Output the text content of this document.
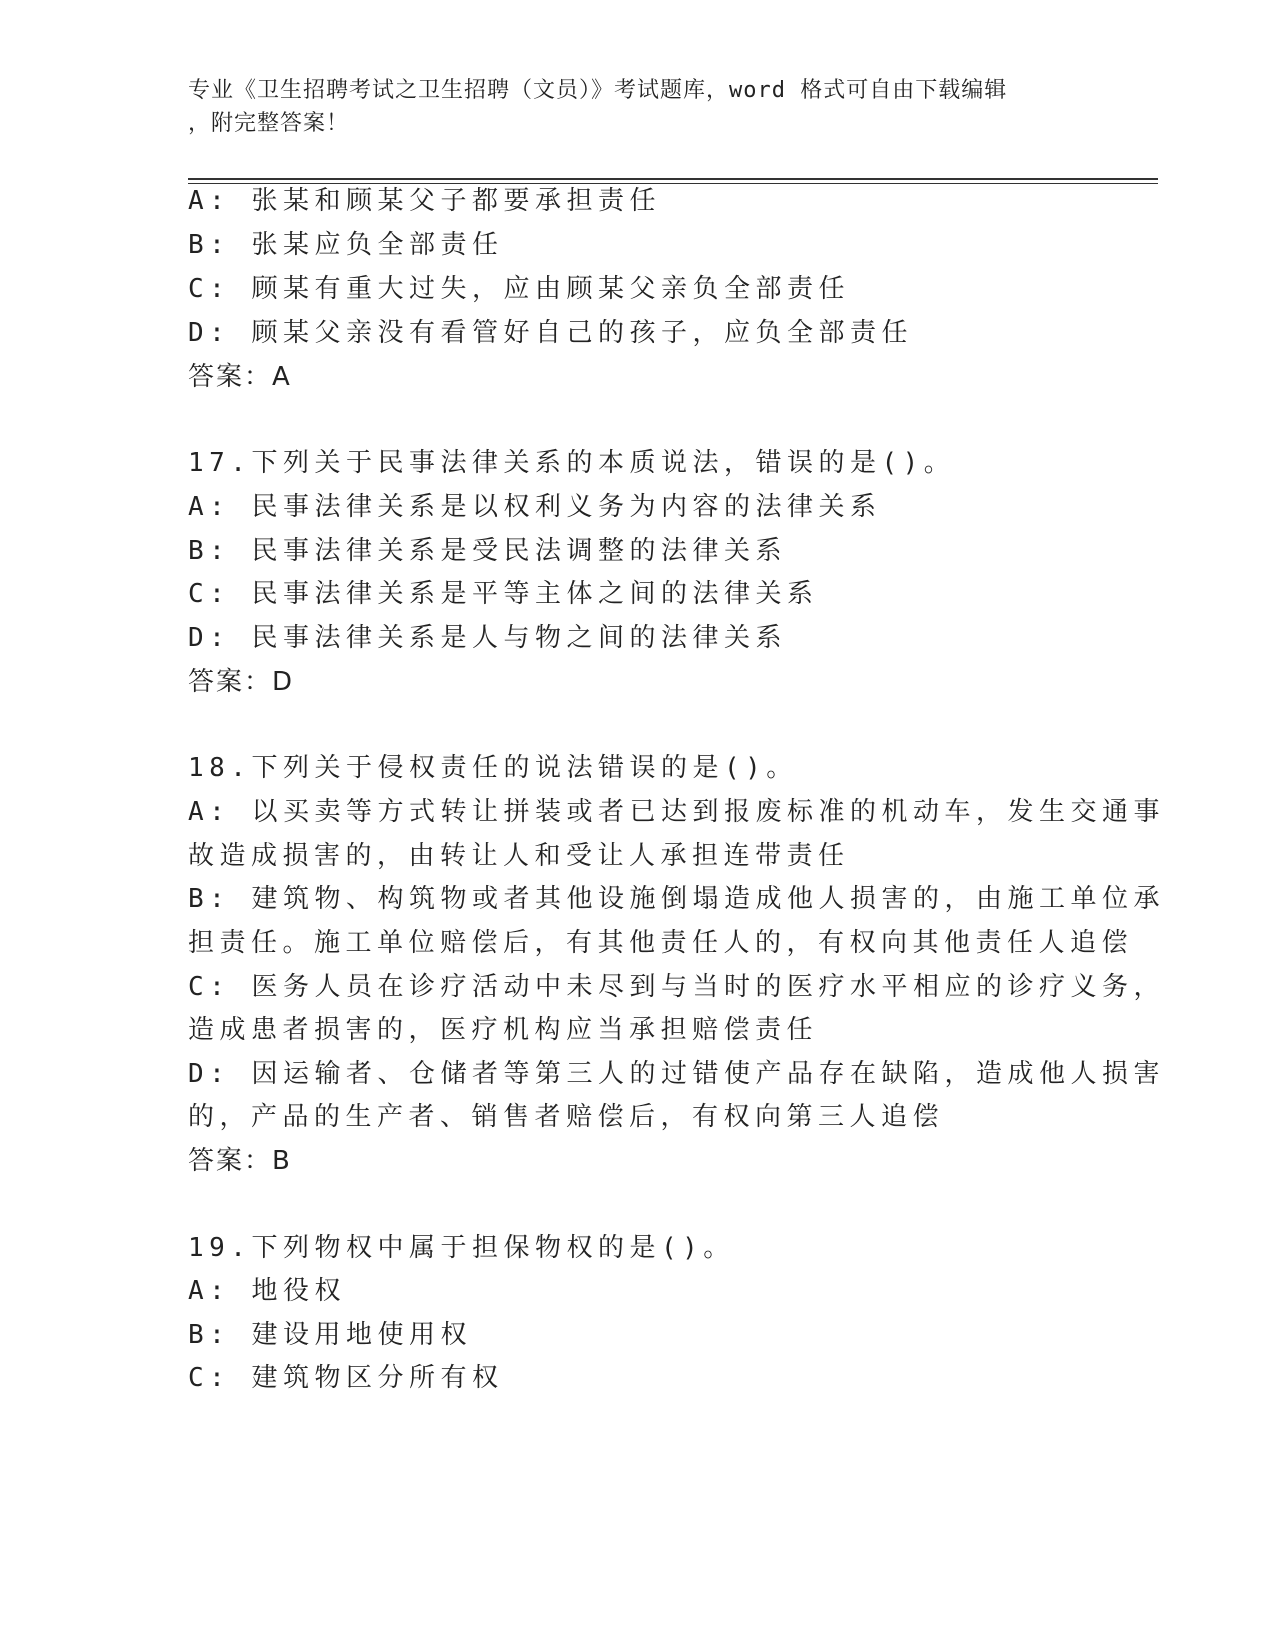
专业《卫生招聘考试之卫生招聘（文员）》考试题库，word 格式可自由下载编辑
，附完整答案！
A: 张某和顾某父子都要承担责任
B: 张某应负全部责任
C: 顾某有重大过失，应由顾某父亲负全部责任
D: 顾某父亲没有看管好自己的孩子，应负全部责任
答案：A
17.下列关于民事法律关系的本质说法，错误的是()。
A: 民事法律关系是以权利义务为内容的法律关系
B: 民事法律关系是受民法调整的法律关系
C: 民事法律关系是平等主体之间的法律关系
D: 民事法律关系是人与物之间的法律关系
答案：D
18.下列关于侵权责任的说法错误的是()。
A: 以买卖等方式转让拼装或者已达到报废标准的机动车，发生交通事
故造成损害的，由转让人和受让人承担连带责任
B: 建筑物、构筑物或者其他设施倒塌造成他人损害的，由施工单位承
担责任。施工单位赔偿后，有其他责任人的，有权向其他责任人追偿
C: 医务人员在诊疗活动中未尽到与当时的医疗水平相应的诊疗义务，
造成患者损害的，医疗机构应当承担赔偿责任
D: 因运输者、仓储者等第三人的过错使产品存在缺陷，造成他人损害
的，产品的生产者、销售者赔偿后，有权向第三人追偿
答案：B
19.下列物权中属于担保物权的是()。
A: 地役权
B: 建设用地使用权
C: 建筑物区分所有权
